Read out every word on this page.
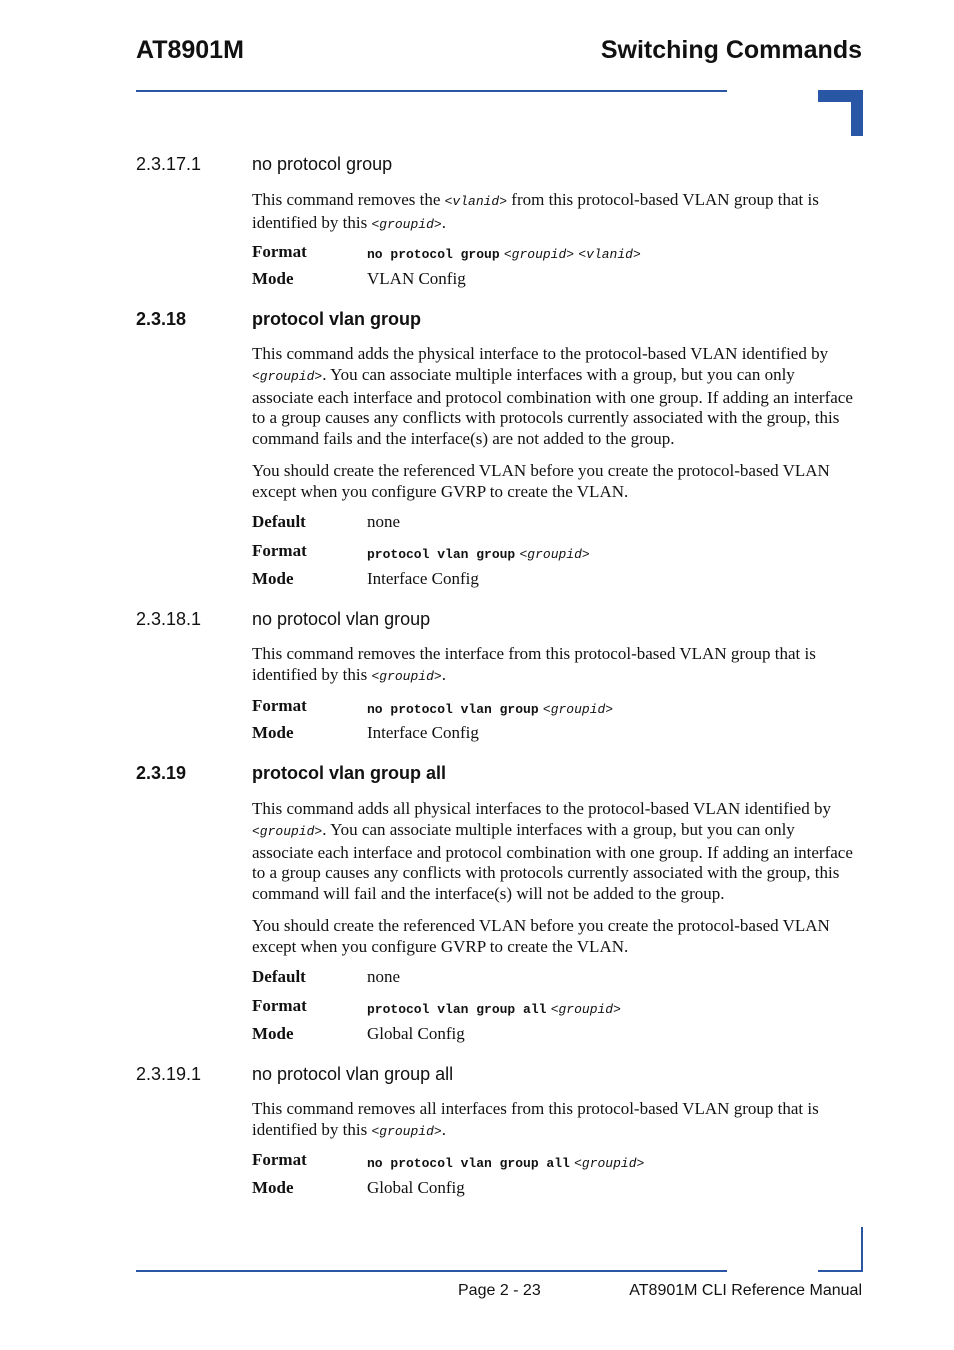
AT8901M	Switching Commands
2.3.17.1	no protocol group
This command removes the <vlanid> from this protocol-based VLAN group that is identified by this <groupid>.
Format	no protocol group <groupid> <vlanid>
Mode	VLAN Config
2.3.18	protocol vlan group
This command adds the physical interface to the protocol-based VLAN identified by <groupid>. You can associate multiple interfaces with a group, but you can only associate each interface and protocol combination with one group. If adding an interface to a group causes any conflicts with protocols currently associated with the group, this command fails and the interface(s) are not added to the group.
You should create the referenced VLAN before you create the protocol-based VLAN except when you configure GVRP to create the VLAN.
Default	none
Format	protocol vlan group <groupid>
Mode	Interface Config
2.3.18.1	no protocol vlan group
This command removes the interface from this protocol-based VLAN group that is identified by this <groupid>.
Format	no protocol vlan group <groupid>
Mode	Interface Config
2.3.19	protocol vlan group all
This command adds all physical interfaces to the protocol-based VLAN identified by <groupid>. You can associate multiple interfaces with a group, but you can only associate each interface and protocol combination with one group. If adding an interface to a group causes any conflicts with protocols currently associated with the group, this command will fail and the interface(s) will not be added to the group.
You should create the referenced VLAN before you create the protocol-based VLAN except when you configure GVRP to create the VLAN.
Default	none
Format	protocol vlan group all <groupid>
Mode	Global Config
2.3.19.1	no protocol vlan group all
This command removes all interfaces from this protocol-based VLAN group that is identified by this <groupid>.
Format	no protocol vlan group all <groupid>
Mode	Global Config
Page 2 - 23	AT8901M CLI Reference Manual
